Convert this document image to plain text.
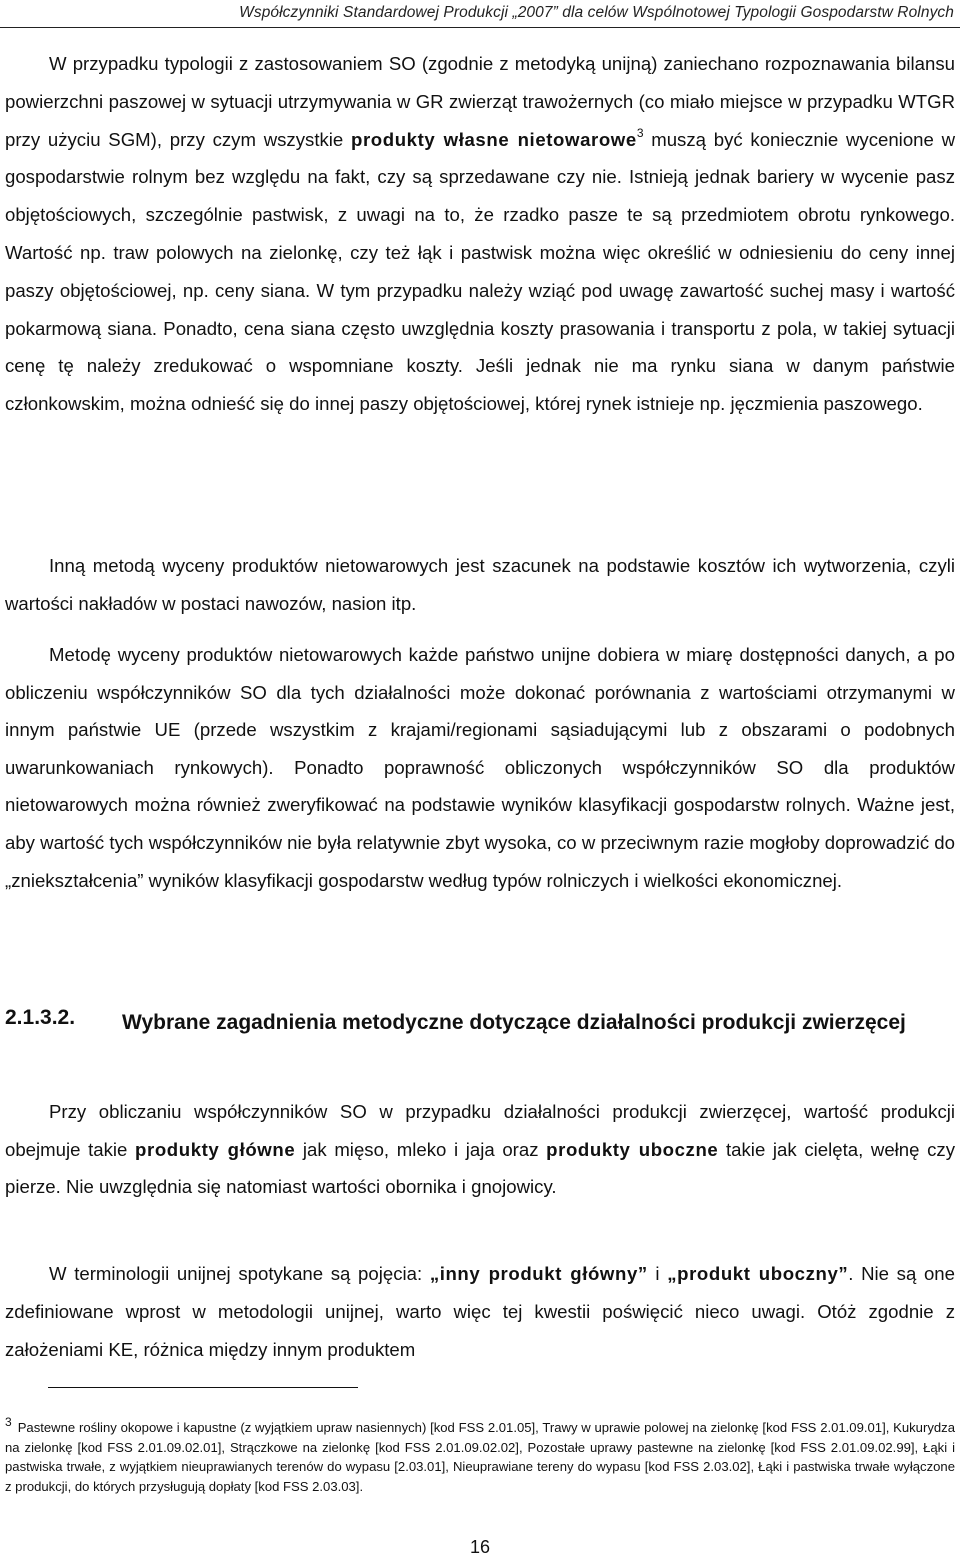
Współczynniki Standardowej Produkcji „2007” dla celów Wspólnotowej Typologii Gospodarstw Rolnych

W przypadku typologii z zastosowaniem SO (zgodnie z metodyką unijną) zaniechano rozpoznawania bilansu powierzchni paszowej w sytuacji utrzymywania w GR zwierząt trawożernych (co miało miejsce w przypadku WTGR przy użyciu SGM), przy czym wszystkie produkty własne nietowarowe$^3$ muszą być koniecznie wycenione w gospodarstwie rolnym bez względu na fakt, czy są sprzedawane czy nie. Istnieją jednak bariery w wycenie pasz objętościowych, szczególnie pastwisk, z uwagi na to, że rzadko pasze te są przedmiotem obrotu rynkowego. Wartość np. traw polowych na zielonkę, czy też łąk i pastwisk można więc określić w odniesieniu do ceny innej paszy objętościowej, np. ceny siana. W tym przypadku należy wziąć pod uwagę zawartość suchej masy i wartość pokarmową siana. Ponadto, cena siana często uwzględnia koszty prasowania i transportu z pola, w takiej sytuacji cenę tę należy zredukować o wspomniane koszty. Jeśli jednak nie ma rynku siana w danym państwie członkowskim, można odnieść się do innej paszy objętościowej, której rynek istnieje np. jęczmienia paszowego.

Inną metodą wyceny produktów nietowarowych jest szacunek na podstawie kosztów ich wytworzenia, czyli wartości nakładów w postaci nawozów, nasion itp.

Metodę wyceny produktów nietowarowych każde państwo unijne dobiera w miarę dostępności danych, a po obliczeniu współczynników SO dla tych działalności może dokonać porównania z wartościami otrzymanymi w innym państwie UE (przede wszystkim z krajami/regionami sąsiadującymi lub z obszarami o podobnych uwarunkowaniach rynkowych). Ponadto poprawność obliczonych współczynników SO dla produktów nietowarowych można również zweryfikować na podstawie wyników klasyfikacji gospodarstw rolnych. Ważne jest, aby wartość tych współczynników nie była relatywnie zbyt wysoka, co w przeciwnym razie mogłoby doprowadzić do „zniekształcenia” wyników klasyfikacji gospodarstw według typów rolniczych i wielkości ekonomicznej.

2.1.3.2. Wybrane zagadnienia metodyczne dotyczące działalności produkcji zwierzęcej

Przy obliczaniu współczynników SO w przypadku działalności produkcji zwierzęcej, wartość produkcji obejmuje takie produkty główne jak mięso, mleko i jaja oraz produkty uboczne takie jak cielęta, wełnę czy pierze. Nie uwzględnia się natomiast wartości obornika i gnojowicy.

W terminologii unijnej spotykane są pojęcia: „inny produkt główny” i „produkt uboczny”. Nie są one zdefiniowane wprost w metodologii unijnej, warto więc tej kwestii poświęcić nieco uwagi. Otóż zgodnie z założeniami KE, różnica między innym produktem

3 Pastewne rośliny okopowe i kapustne (z wyjątkiem upraw nasiennych) [kod FSS 2.01.05], Trawy w uprawie polowej na zielonkę [kod FSS 2.01.09.01], Kukurydza na zielonkę [kod FSS 2.01.09.02.01], Strączkowe na zielonkę [kod FSS 2.01.09.02.02], Pozostałe uprawy pastewne na zielonkę [kod FSS 2.01.09.02.99], Łąki i pastwiska trwałe, z wyjątkiem nieuprawianych terenów do wypasu [2.03.01], Nieuprawiane tereny do wypasu [kod FSS 2.03.02], Łąki i pastwiska trwałe wyłączone z produkcji, do których przysługują dopłaty [kod FSS 2.03.03].

16
